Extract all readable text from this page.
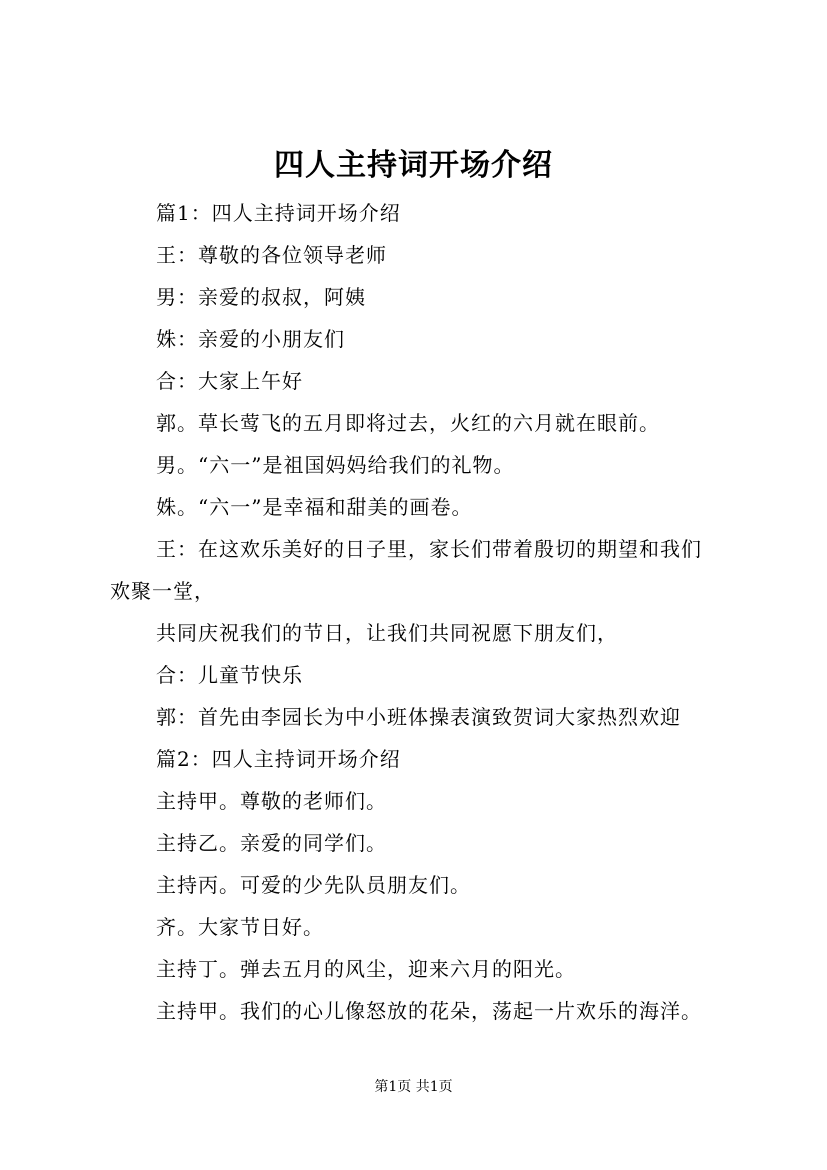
四人主持词开场介绍

篇1：四人主持词开场介绍

王：尊敬的各位领导老师

男：亲爱的叔叔，阿姨

姝：亲爱的小朋友们

合：大家上午好

郭。草长莺飞的五月即将过去，火红的六月就在眼前。

男。“六一”是祖国妈妈给我们的礼物。

姝。“六一”是幸福和甜美的画卷。

王：在这欢乐美好的日子里，家长们带着殷切的期望和我们

欢聚一堂，

共同庆祝我们的节日，让我们共同祝愿下朋友们，

合：儿童节快乐

郭：首先由李园长为中小班体操表演致贺词大家热烈欢迎

篇2：四人主持词开场介绍

主持甲。尊敬的老师们。

主持乙。亲爱的同学们。

主持丙。可爱的少先队员朋友们。

齐。大家节日好。

主持丁。弹去五月的风尘，迎来六月的阳光。

主持甲。我们的心儿像怒放的花朵，荡起一片欢乐的海洋。

第1页 共1页
